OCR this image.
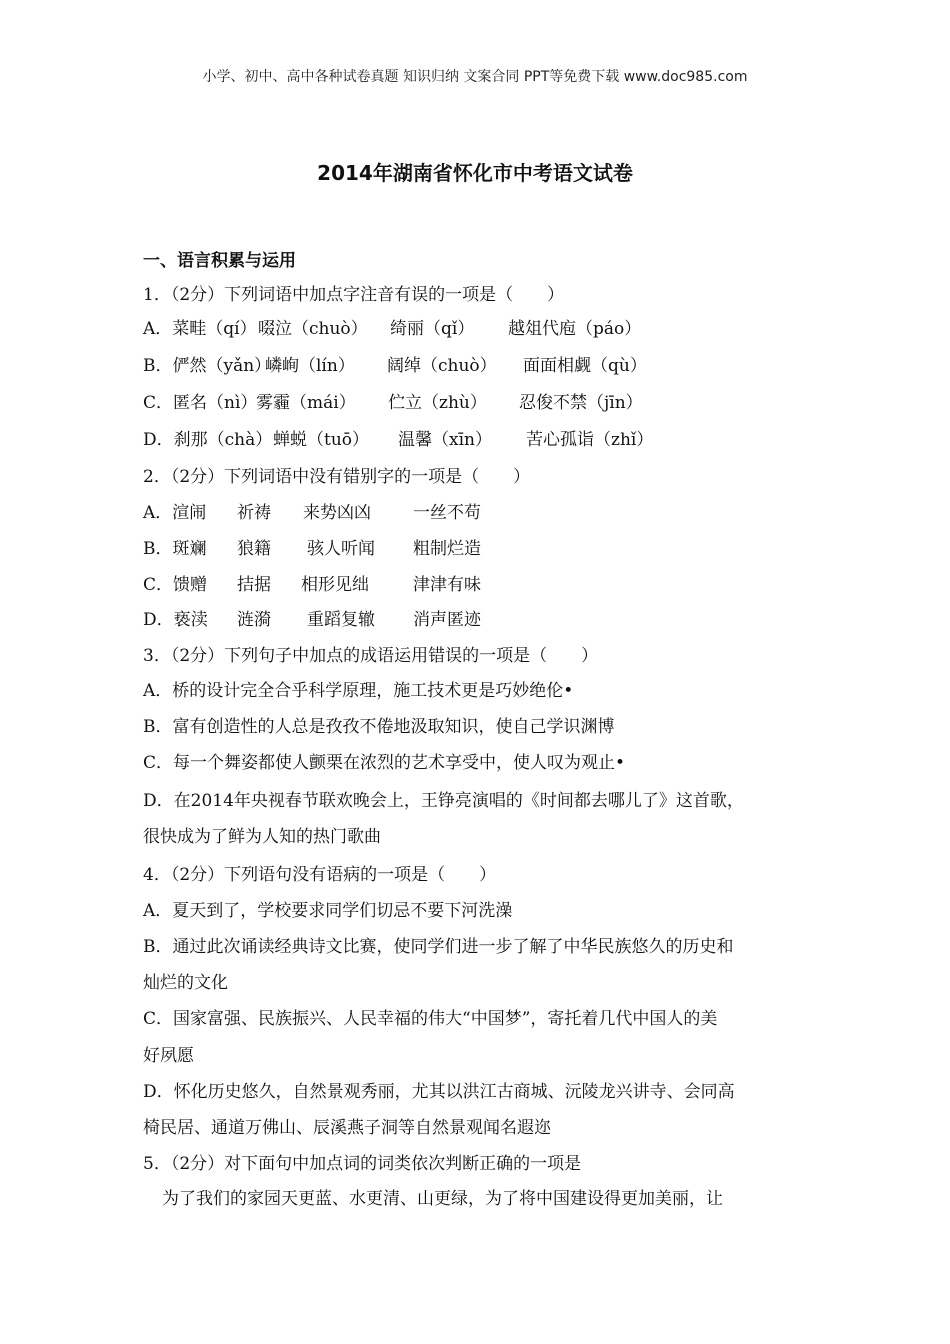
小学、初中、高中各种试卷真题 知识归纳 文案合同 PPT等免费下载 www.doc985.com
2014年湖南省怀化市中考语文试卷
一、语言积累与运用
1．（2分）下列词语中加点字注音有误的一项是（　　）
A．菜畦（qí）啜泣（chuò） 绮丽（qǐ） 越俎代庖（páo）
B．俨然（yǎn）嶙峋（lín） 阔绰（chuò） 面面相觑（qù）
C．匿名（nì）雾霾（mái） 伫立（zhù） 忍俊不禁（jīn）
D．刹那（chà）蝉蜕（tuō） 温馨（xīn） 苦心孤诣（zhǐ）
2．（2分）下列词语中没有错别字的一项是（　　）
A．渲闹 祈祷 来势凶凶 一丝不苟
B．斑斓 狼籍 骇人听闻 粗制烂造
C．馈赠 拮据 相形见绌	津津有味
D．亵渎 涟漪 重蹈复辙 消声匿迹
3．（2分）下列句子中加点的成语运用错误的一项是（　　）
A．桥的设计完全合乎科学原理，施工技术更是巧妙绝伦•
B．富有创造性的人总是孜孜不倦地汲取知识，使自己学识渊博
C．每一个舞姿都使人颤栗在浓烈的艺术享受中，使人叹为观止•
D．在2014年央视春节联欢晚会上，王铮亮演唱的《时间都去哪儿了》这首歌，
很快成为了鲜为人知的热门歌曲
4．（2分）下列语句没有语病的一项是（　　）
A．夏天到了，学校要求同学们切忌不要下河洗澡
B．通过此次诵读经典诗文比赛，使同学们进一步了解了中华民族悠久的历史和
灿烂的文化
C．国家富强、民族振兴、人民幸福的伟大“中国梦”，寄托着几代中国人的美
好夙愿
D．怀化历史悠久，自然景观秀丽，尤其以洪江古商城、沅陵龙兴讲寺、会同高
椅民居、通道万佛山、辰溪燕子洞等自然景观闻名遐迩
5．（2分）对下面句中加点词的词类依次判断正确的一项是
为了我们的家园天更蓝、水更清、山更绿，为了将中国建设得更加美丽，让
